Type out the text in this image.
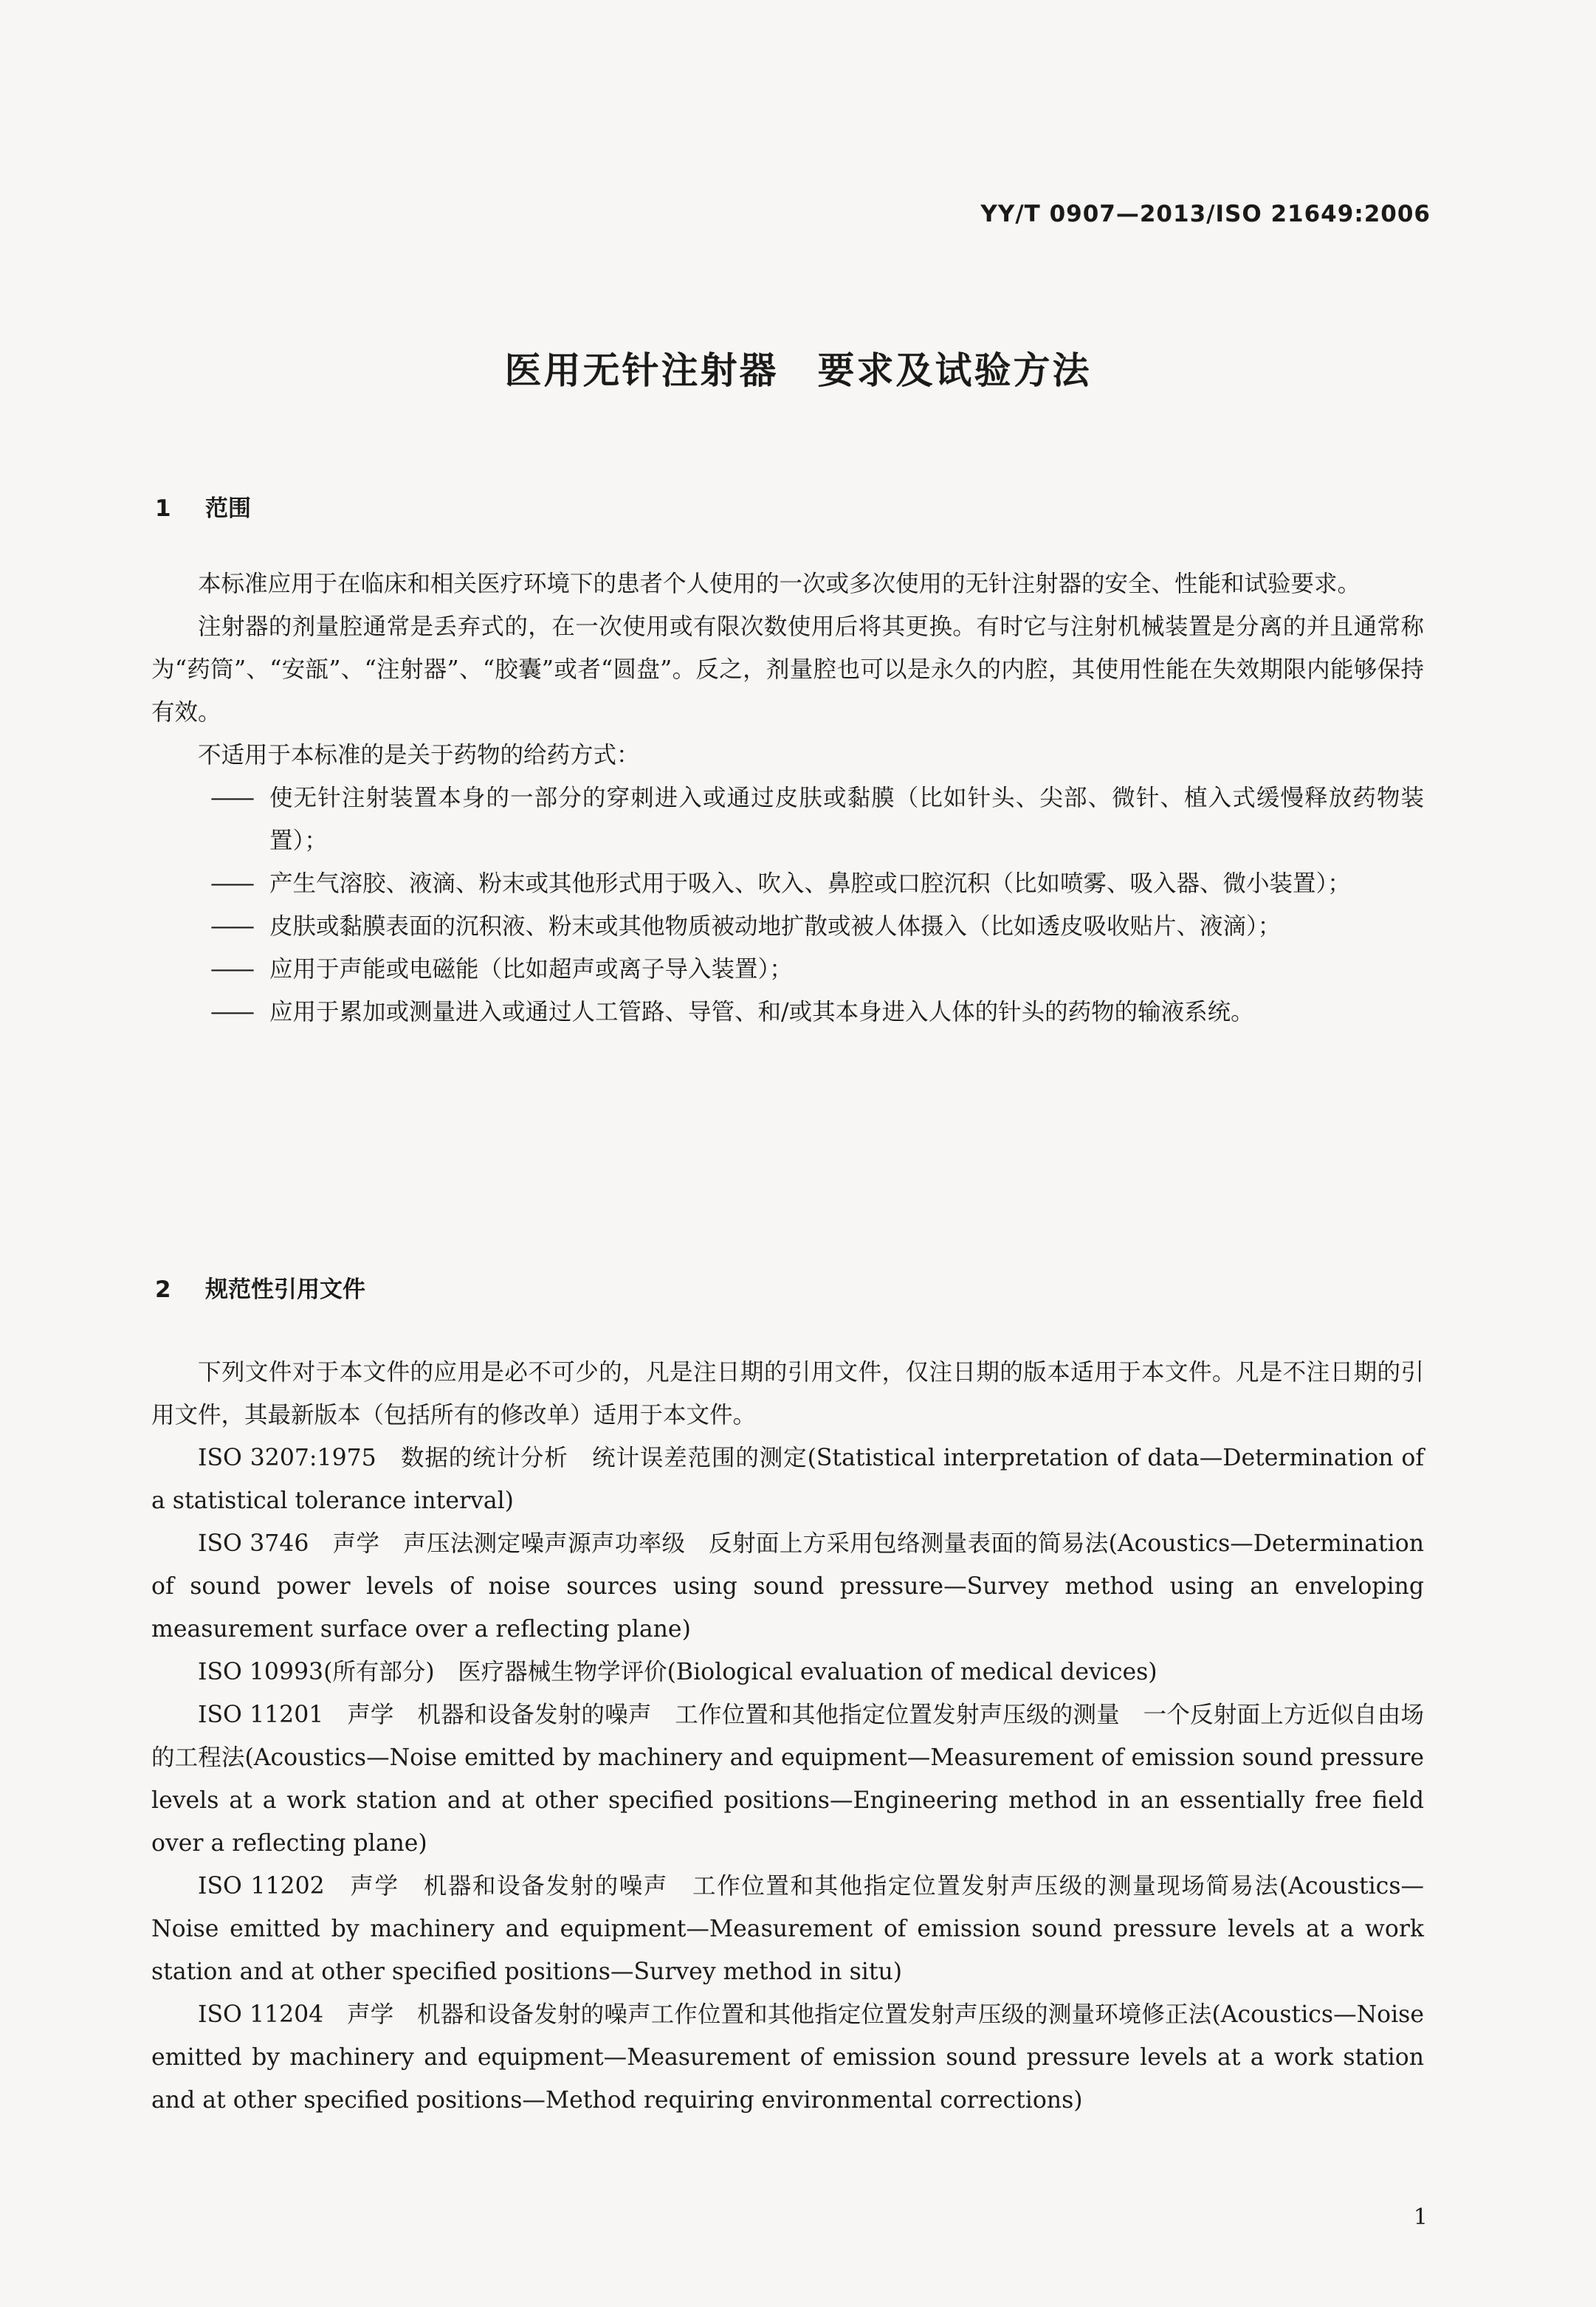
YY/T 0907—2013/ISO 21649:2006
医用无针注射器　要求及试验方法
1 范围

本标准应用于在临床和相关医疗环境下的患者个人使用的一次或多次使用的无针注射器的安全、性能和试验要求。

注射器的剂量腔通常是丢弃式的，在一次使用或有限次数使用后将其更换。有时它与注射机械装置是分离的并且通常称为“药筒”、“安瓿”、“注射器”、“胶囊”或者“圆盘”。反之，剂量腔也可以是永久的内腔，其使用性能在失效期限内能够保持有效。

不适用于本标准的是关于药物的给药方式：

—— 使无针注射装置本身的一部分的穿刺进入或通过皮肤或黏膜（比如针头、尖部、微针、植入式缓慢释放药物装置）；
—— 产生气溶胶、液滴、粉末或其他形式用于吸入、吹入、鼻腔或口腔沉积（比如喷雾、吸入器、微小装置）；
—— 皮肤或黏膜表面的沉积液、粉末或其他物质被动地扩散或被人体摄入（比如透皮吸收贴片、液滴）；
—— 应用于声能或电磁能（比如超声或离子导入装置）；
—— 应用于累加或测量进入或通过人工管路、导管、和/或其本身进入人体的针头的药物的输液系统。
2 规范性引用文件

下列文件对于本文件的应用是必不可少的，凡是注日期的引用文件，仅注日期的版本适用于本文件。凡是不注日期的引用文件，其最新版本（包括所有的修改单）适用于本文件。

ISO 3207:1975　数据的统计分析　统计误差范围的测定(Statistical interpretation of data—Determination of a statistical tolerance interval)

ISO 3746　声学　声压法测定噪声源声功率级　反射面上方采用包络测量表面的简易法(Acoustics—Determination of sound power levels of noise sources using sound pressure—Survey method using an enveloping measurement surface over a reflecting plane)

ISO 10993(所有部分)　医疗器械生物学评价(Biological evaluation of medical devices)

ISO 11201　声学　机器和设备发射的噪声　工作位置和其他指定位置发射声压级的测量　一个反射面上方近似自由场的工程法(Acoustics—Noise emitted by machinery and equipment—Measurement of emission sound pressure levels at a work station and at other specified positions—Engineering method in an essentially free field over a reflecting plane)

ISO 11202　声学　机器和设备发射的噪声　工作位置和其他指定位置发射声压级的测量现场简易法(Acoustics—Noise emitted by machinery and equipment—Measurement of emission sound pressure levels at a work station and at other specified positions—Survey method in situ)

ISO 11204　声学　机器和设备发射的噪声工作位置和其他指定位置发射声压级的测量环境修正法(Acoustics—Noise emitted by machinery and equipment—Measurement of emission sound pressure levels at a work station and at other specified positions—Method requiring environmental corrections)

1
